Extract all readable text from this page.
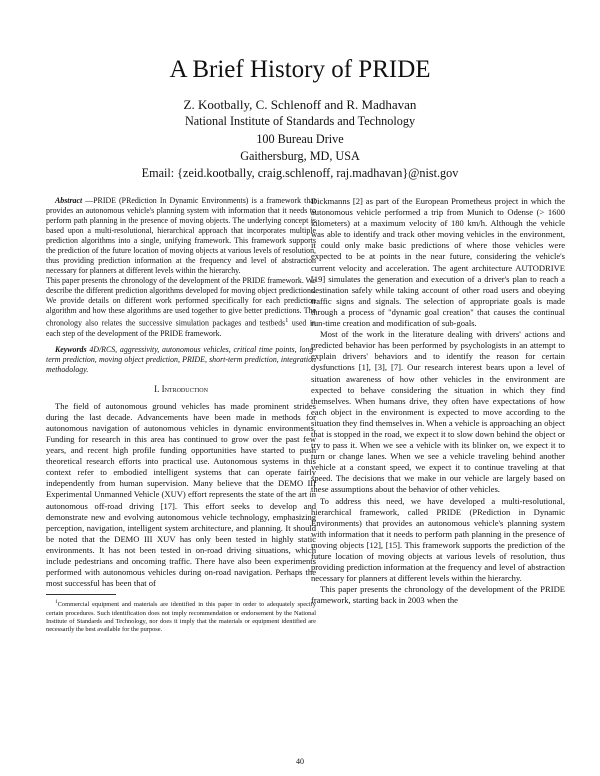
A Brief History of PRIDE
Z. Kootbally, C. Schlenoff and R. Madhavan
National Institute of Standards and Technology
100 Bureau Drive
Gaithersburg, MD, USA
Email: {zeid.kootbally, craig.schlenoff, raj.madhavan}@nist.gov

Abstract —PRIDE (PRediction In Dynamic Environments) is a framework that provides an autonomous vehicle's planning system with information that it needs to perform path planning in the presence of moving objects. The underlying concept is based upon a multi-resolutional, hierarchical approach that incorporates multiple prediction algorithms into a single, unifying framework. This framework supports the prediction of the future location of moving objects at various levels of resolution, thus providing prediction information at the frequency and level of abstraction necessary for planners at different levels within the hierarchy.

This paper presents the chronology of the development of the PRIDE framework. We describe the different prediction algorithms developed for moving object predictions. We provide details on different work performed specifically for each prediction algorithm and how these algorithms are used together to give better predictions. The chronology also relates the successive simulation packages and testbeds$^1$ used in each step of the development of the PRIDE framework.

Keywords 4D/RCS, aggressivity, autonomous vehicles, critical time points, long-term prediction, moving object prediction, PRIDE, short-term prediction, integration methodology.

I. Introduction

The field of autonomous ground vehicles has made prominent strides during the last decade. Advancements have been made in methods for autonomous navigation of autonomous vehicles in dynamic environments. Funding for research in this area has continued to grow over the past few years, and recent high profile funding opportunities have started to push theoretical research efforts into practical use. Autonomous systems in this context refer to embodied intelligent systems that can operate fairly independently from human supervision. Many believe that the DEMO III Experimental Unmanned Vehicle (XUV) effort represents the state of the art in autonomous off-road driving [17]. This effort seeks to develop and demonstrate new and evolving autonomous vehicle technology, emphasizing perception, navigation, intelligent system architecture, and planning. It should be noted that the DEMO III XUV has only been tested in highly static environments. It has not been tested in on-road driving situations, which include pedestrians and oncoming traffic. There have also been experiments performed with autonomous vehicles during on-road navigation. Perhaps the most successful has been that of

$^1$Commercial equipment and materials are identified in this paper in order to adequately specify certain procedures. Such identification does not imply recommendation or endorsement by the National Institute of Standards and Technology, nor does it imply that the materials or equipment identified are necessarily the best available for the purpose.

Dickmanns [2] as part of the European Prometheus project in which the autonomous vehicle performed a trip from Munich to Odense (> 1600 kilometers) at a maximum velocity of 180 km/h. Although the vehicle was able to identify and track other moving vehicles in the environment, it could only make basic predictions of where those vehicles were expected to be at points in the near future, considering the vehicle's current velocity and acceleration. The agent architecture AUTODRIVE [19] simulates the generation and execution of a driver's plan to reach a destination safely while taking account of other road users and obeying traffic signs and signals. The selection of appropriate goals is made through a process of "dynamic goal creation" that causes the continual run-time creation and modification of sub-goals.

Most of the work in the literature dealing with drivers' actions and predicted behavior has been performed by psychologists in an attempt to explain drivers' behaviors and to identify the reason for certain dysfunctions [1], [3], [7]. Our research interest bears upon a level of situation awareness of how other vehicles in the environment are expected to behave considering the situation in which they find themselves. When humans drive, they often have expectations of how each object in the environment is expected to move according to the situation they find themselves in. When a vehicle is approaching an object that is stopped in the road, we expect it to slow down behind the object or try to pass it. When we see a vehicle with its blinker on, we expect it to turn or change lanes. When we see a vehicle traveling behind another vehicle at a constant speed, we expect it to continue traveling at that speed. The decisions that we make in our vehicle are largely based on these assumptions about the behavior of other vehicles.

To address this need, we have developed a multi-resolutional, hierarchical framework, called PRIDE (PRediction in Dynamic Environments) that provides an autonomous vehicle's planning system with information that it needs to perform path planning in the presence of moving objects [12], [15]. This framework supports the prediction of the future location of moving objects at various levels of resolution, thus providing prediction information at the frequency and level of abstraction necessary for planners at different levels within the hierarchy.

This paper presents the chronology of the development of the PRIDE framework, starting back in 2003 when the

40
